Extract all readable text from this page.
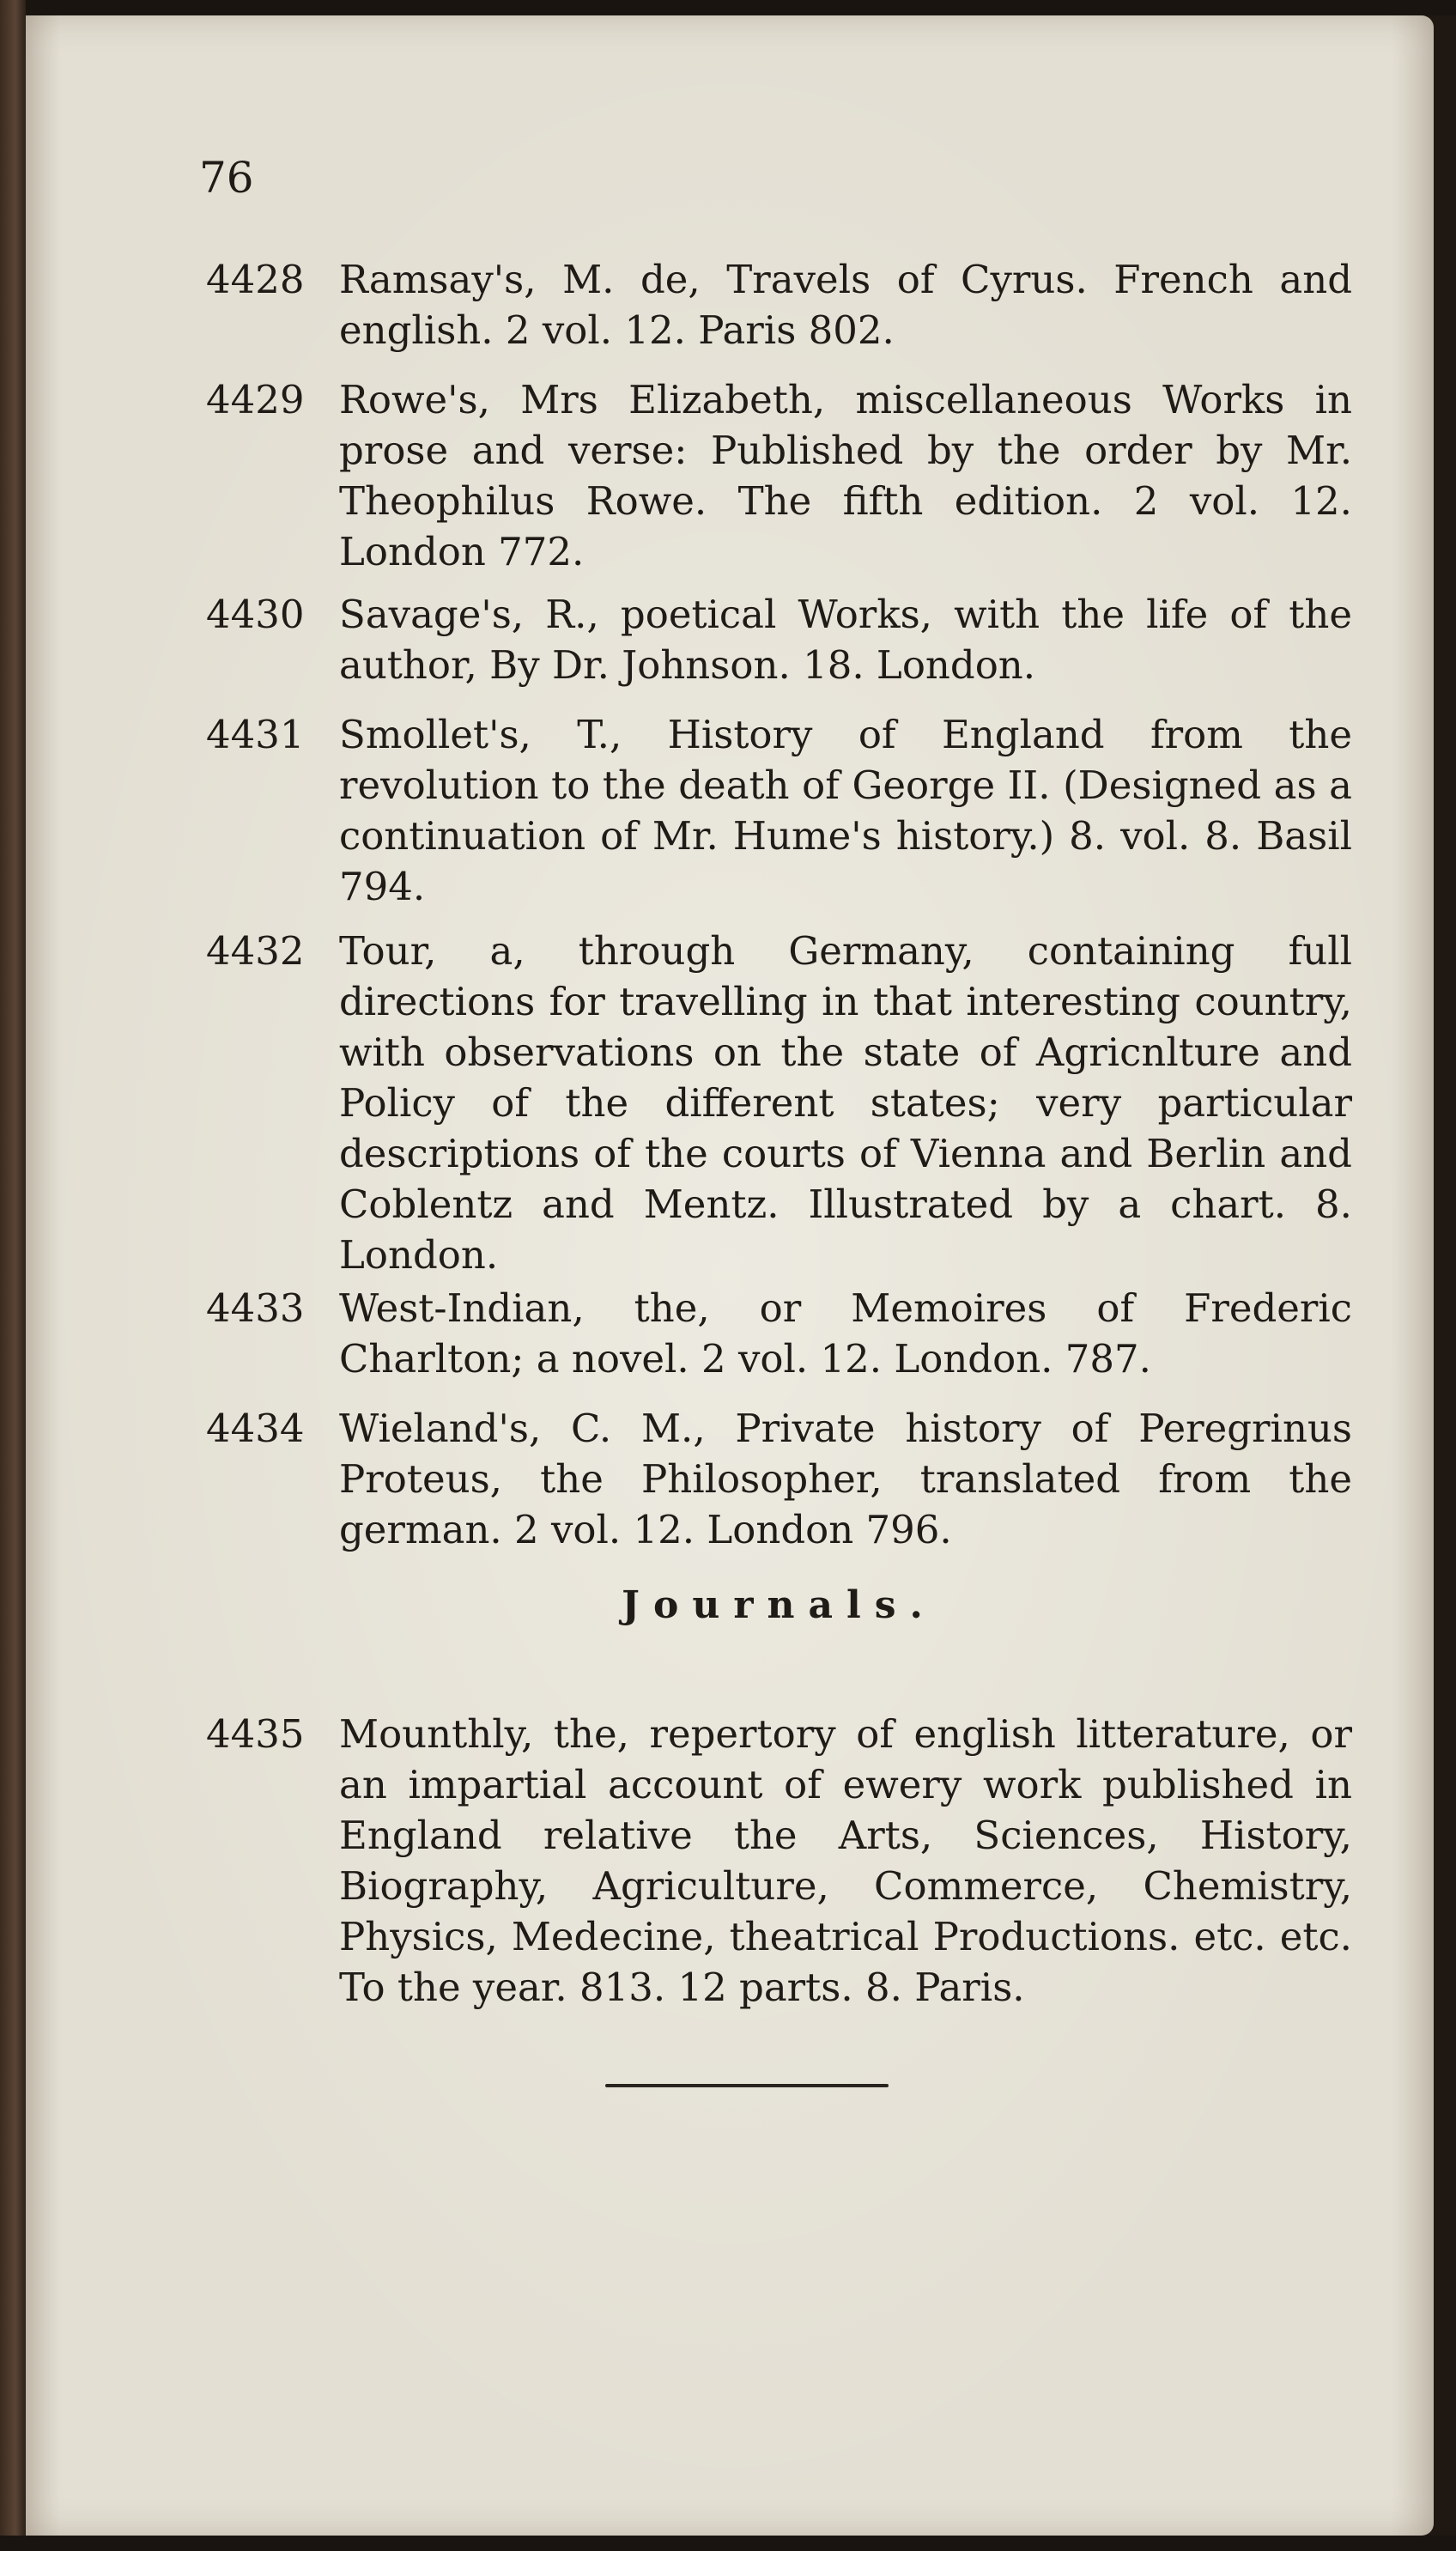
76
4428 Ramsay's, M. de, Travels of Cyrus. French and english. 2 vol. 12. Paris 802.
4429 Rowe's, Mrs Elizabeth, miscellaneous Works in prose and verse: Published by the order by Mr. Theophilus Rowe. The fifth edition. 2 vol. 12. London 772.
4430 Savage's, R., poetical Works, with the life of the author, By Dr. Johnson. 18. London.
4431 Smollet's, T., History of England from the revolution to the death of George II. (Designed as a continuation of Mr. Hume's history.) 8. vol. 8. Basil 794.
4432 Tour, a, through Germany, containing full directions for travelling in that interesting country, with observations on the state of Agricnlture and Policy of the different states; very particular descriptions of the courts of Vienna and Berlin and Coblentz and Mentz. Illustrated by a chart. 8. London.
4433 West-Indian, the, or Memoires of Frederic Charlton; a novel. 2 vol. 12. London. 787.
4434 Wieland's, C. M., Private history of Peregrinus Proteus, the Philosopher, translated from the german. 2 vol. 12. London 796.
Journals.
4435 Mounthly, the, repertory of english litterature, or an impartial account of ewery work published in England relative the Arts, Sciences, History, Biography, Agriculture, Commerce, Chemistry, Physics, Medecine, theatrical Productions. etc. etc. To the year. 813. 12 parts. 8. Paris.
